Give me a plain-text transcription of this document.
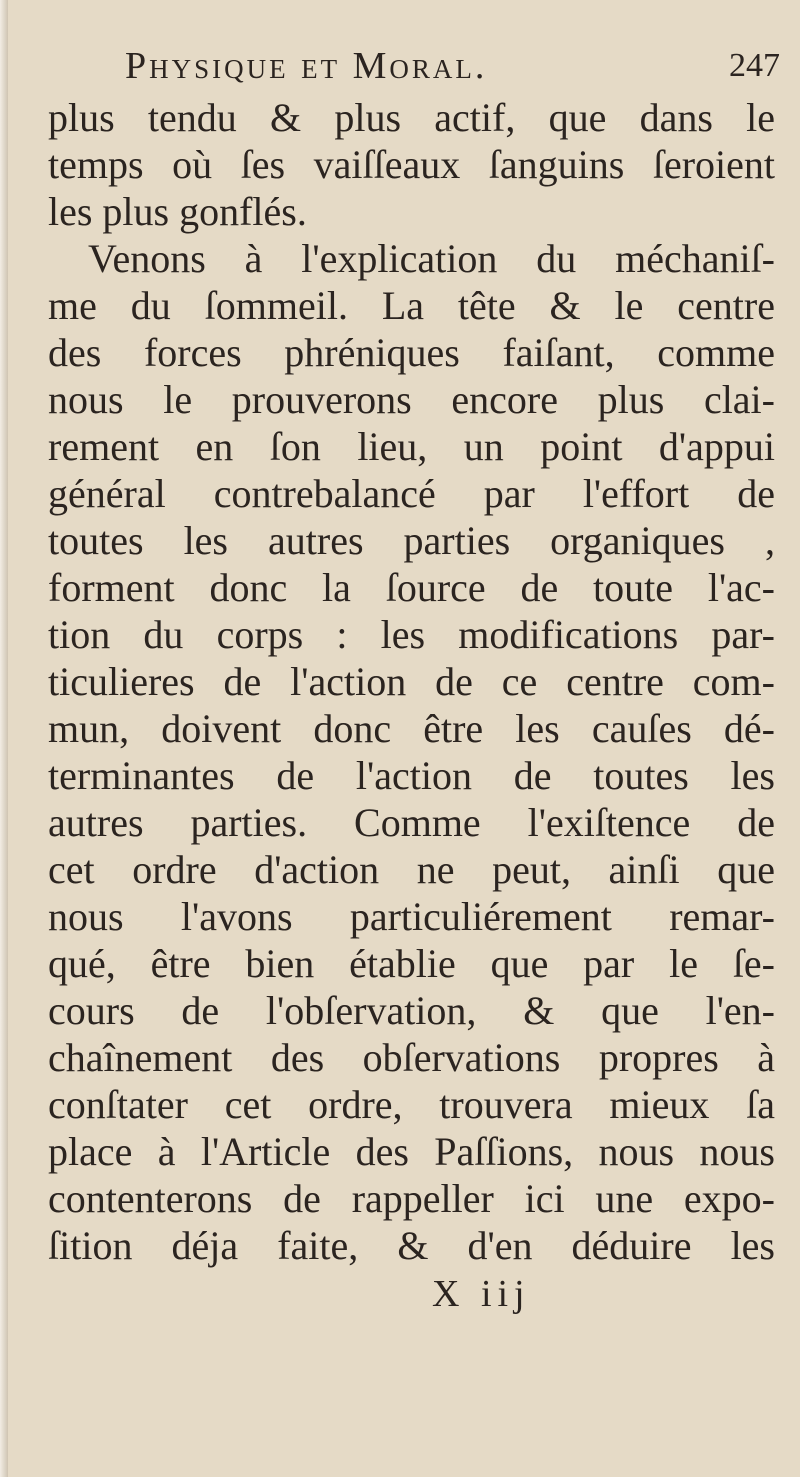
Physique et Moral.	247
plus tendu & plus actif, que dans le
temps où ſes vaiſſeaux ſanguins ſeroient
les plus gonflés.
Venons à l'explication du méchaniſ-
me du ſommeil. La tête & le centre
des forces phréniques faiſant, comme
nous le prouverons encore plus clai-
rement en ſon lieu, un point d'appui
général contrebalancé par l'effort de
toutes les autres parties organiques ,
forment donc la ſource de toute l'ac-
tion du corps : les modifications par-
ticulieres de l'action de ce centre com-
mun, doivent donc être les cauſes dé-
terminantes de l'action de toutes les
autres parties. Comme l'exiſtence de
cet ordre d'action ne peut, ainſi que
nous l'avons particuliérement remar-
qué, être bien établie que par le ſe-
cours de l'obſervation, & que l'en-
chaînement des obſervations propres à
conſtater cet ordre, trouvera mieux ſa
place à l'Article des Paſſions, nous nous
contenterons de rappeller ici une expo-
ſition déja faite, & d'en déduire les
X iij
